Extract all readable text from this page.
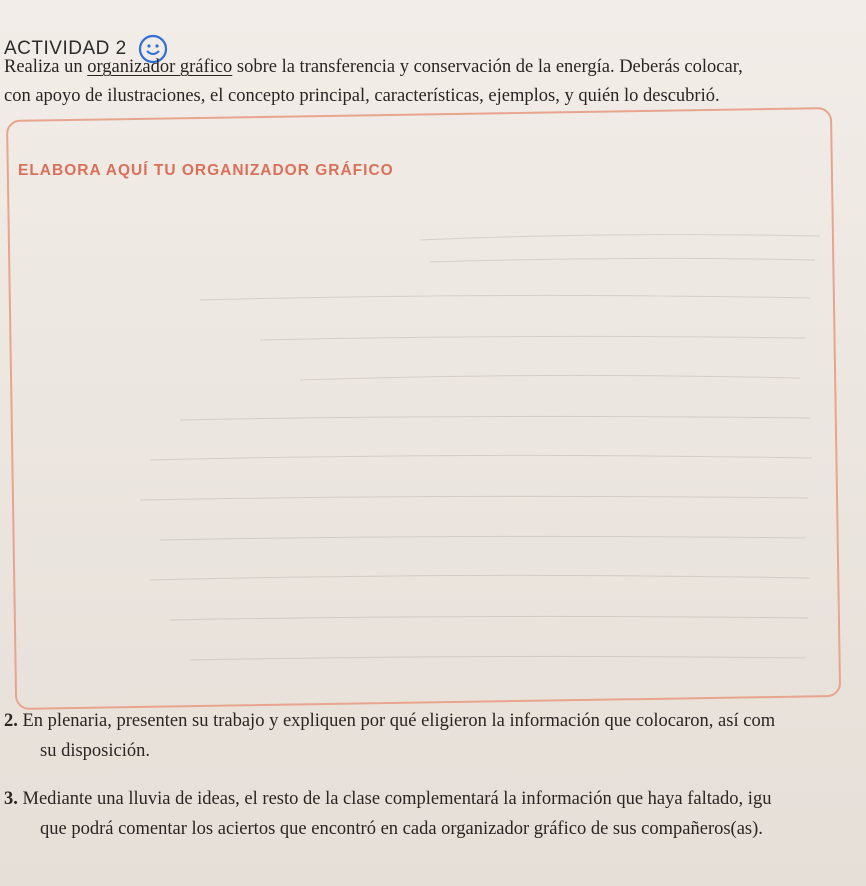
ACTIVIDAD 2
Realiza un organizador gráfico sobre la transferencia y conservación de la energía. Deberás colocar,
con apoyo de ilustraciones, el concepto principal, características, ejemplos, y quién lo descubrió.
ELABORA AQUÍ TU ORGANIZADOR GRÁFICO
2. En plenaria, presenten su trabajo y expliquen por qué eligieron la información que colocaron, así com
su disposición.
3. Mediante una lluvia de ideas, el resto de la clase complementará la información que haya faltado, igu
que podrá comentar los aciertos que encontró en cada organizador gráfico de sus compañeros(as).
